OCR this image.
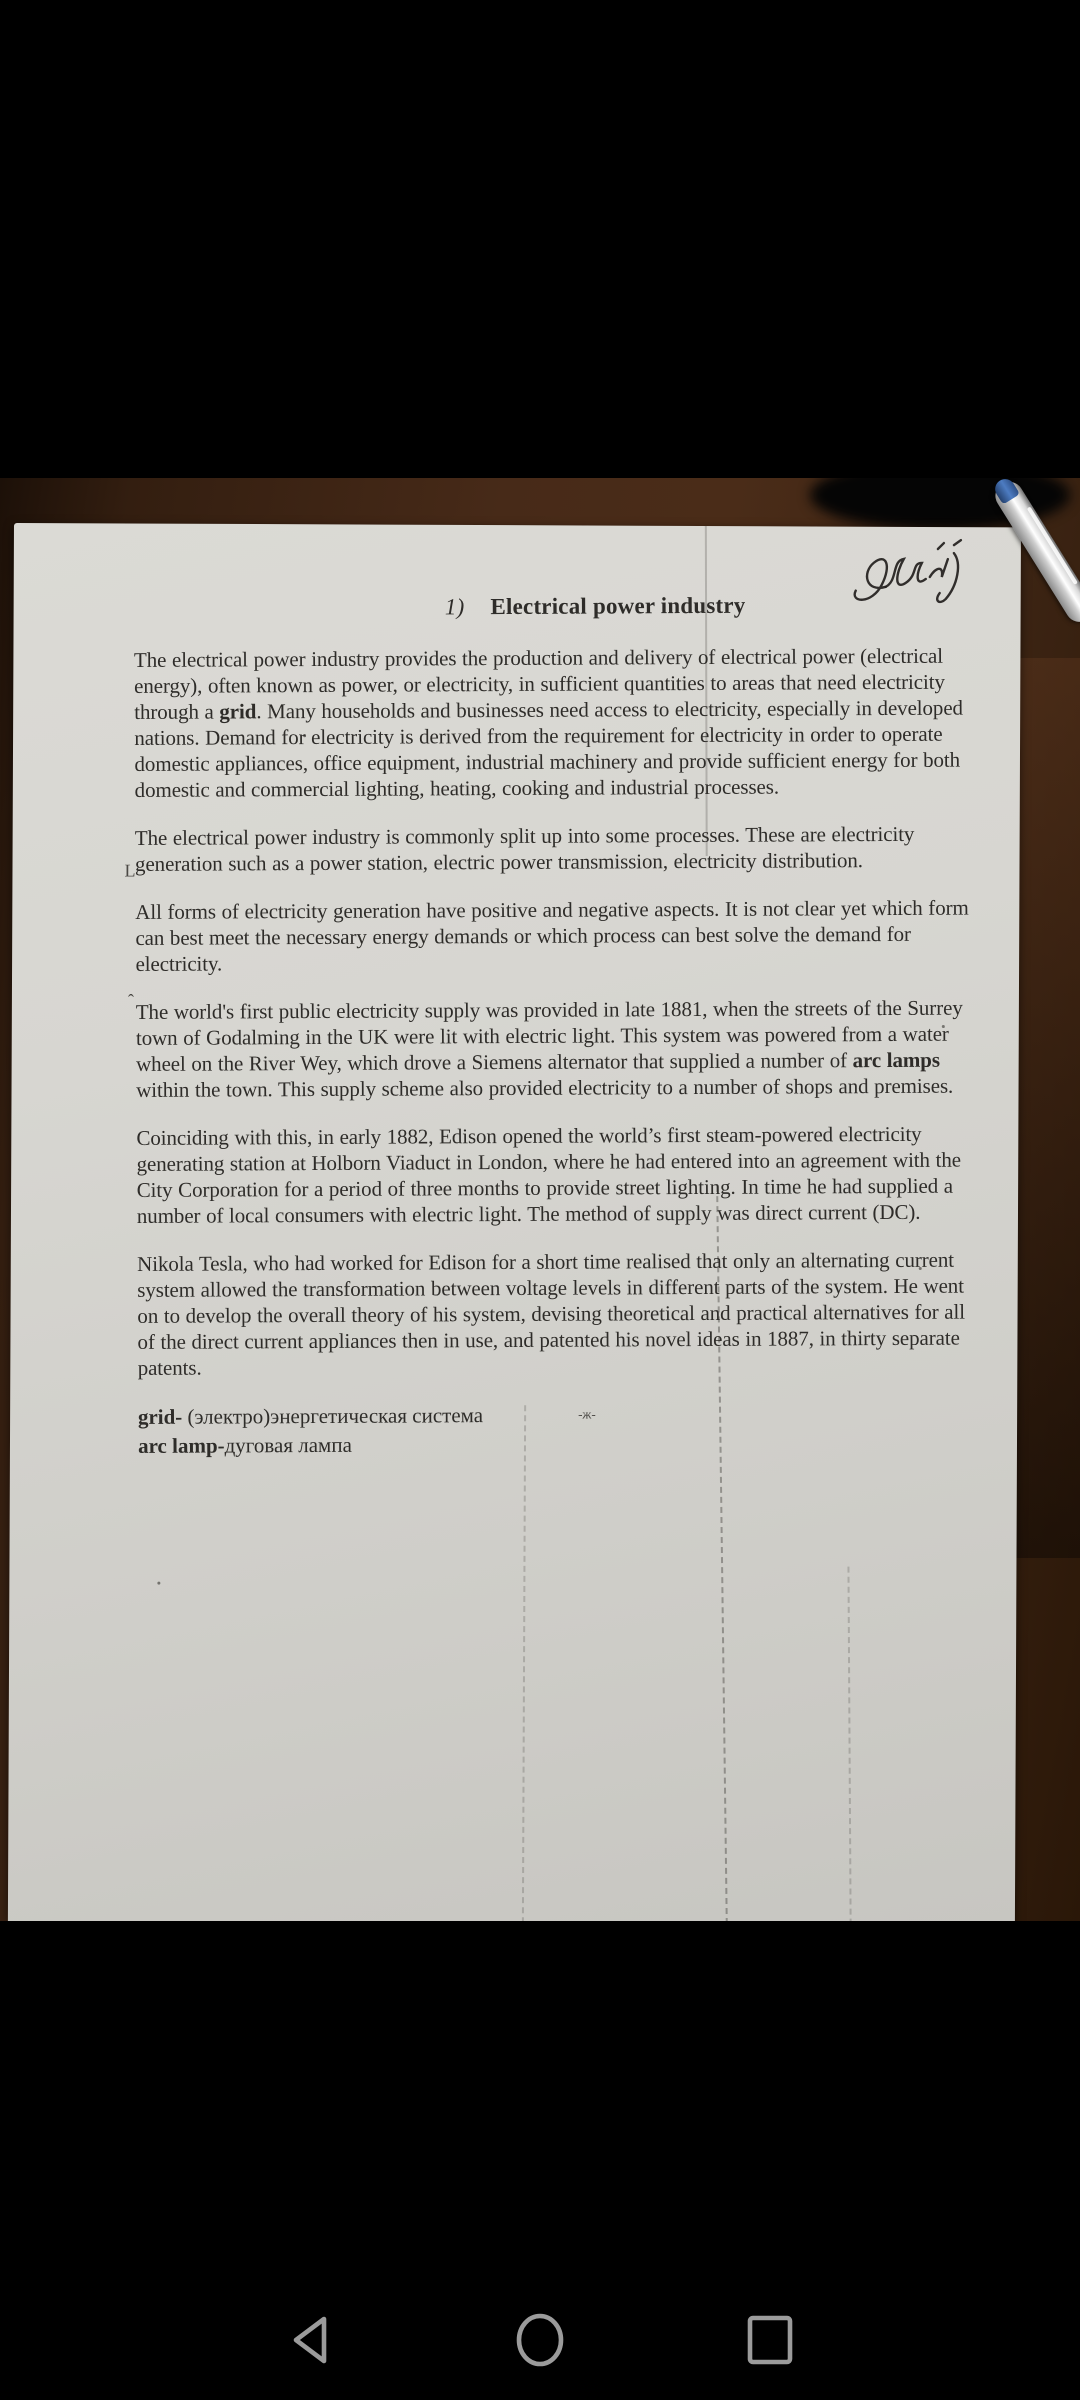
L
ˆ
-ж-
1) Electrical power industry

The electrical power industry provides the production and delivery of electrical power (electrical energy), often known as power, or electricity, in sufficient quantities to areas that need electricity through a grid. Many households and businesses need access to electricity, especially in developed nations. Demand for electricity is derived from the requirement for electricity in order to operate domestic appliances, office equipment, industrial machinery and provide sufficient energy for both domestic and commercial lighting, heating, cooking and industrial processes.

The electrical power industry is commonly split up into some processes. These are electricity generation such as a power station, electric power transmission, electricity distribution.

All forms of electricity generation have positive and negative aspects. It is not clear yet which form can best meet the necessary energy demands or which process can best solve the demand for electricity.

The world's first public electricity supply was provided in late 1881, when the streets of the Surrey town of Godalming in the UK were lit with electric light. This system was powered from a water wheel on the River Wey, which drove a Siemens alternator that supplied a number of arc lamps within the town. This supply scheme also provided electricity to a number of shops and premises.

Coinciding with this, in early 1882, Edison opened the world’s first steam-powered electricity generating station at Holborn Viaduct in London, where he had entered into an agreement with the City Corporation for a period of three months to provide street lighting. In time he had supplied a number of local consumers with electric light. The method of supply was direct current (DC).

Nikola Tesla, who had worked for Edison for a short time realised that only an alternating current system allowed the transformation between voltage levels in different parts of the system. He went on to develop the overall theory of his system, devising theoretical and practical alternatives for all of the direct current appliances then in use, and patented his novel ideas in 1887, in thirty separate patents.

grid- (электро)энергетическая система
arc lamp-дуговая лампа
